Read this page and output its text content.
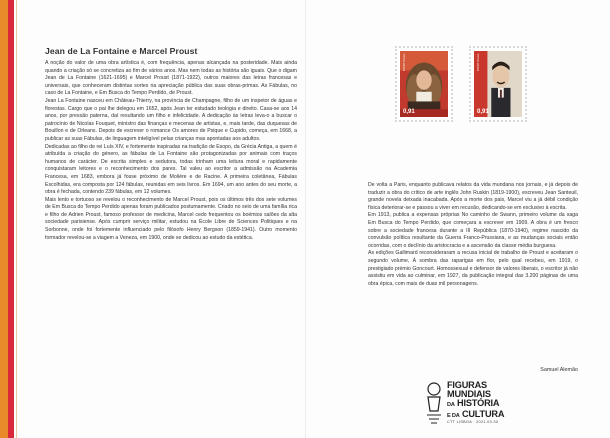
Jean de La Fontaine e Marcel Proust

A noção do valor de uma obra artística é, com frequência, apenas alcançada na posteridade. Mais ainda quando a criação só se concretiza ao fim de vários anos. Mas nem todas as história são iguais. Que o digam Jean de La Fontaine (1621-1695) e Marcel Proust (1871-1922), outros maiores das letras francesas e universais, que conheceram distintas sortes na apreciação pública das suas obras-primas. As Fábulas, no caso de La Fontaine, e Em Busca do Tempo Perdido, de Proust.

Jean La Fontaine nasceu em Château-Thierry, na província de Champagne, filho de um inspetor de águas e florestas. Cargo que o pai lhe delegou em 1652, após Jean ter estudado teologia e direito. Casa-se aos 14 anos, por pressão paterna, daí resultando um filho e infelicidade. A dedicação às letras leva-o a buscar o patrocínio de Nicolas Fouquet, ministro das finanças e mecenas de artistas, e, mais tarde, das duquesas de Bouillon e de Orleans. Depois de escrever o romance Os amores de Psique e Cupido, começa, em 1668, a publicar as suas Fábulas, de linguagem inteligível pelas crianças mas apontadas aos adultos.

Dedicadas ao filho de rei Luís XIV, e fortemente inspiradas na tradição de Esopo, da Grécia Antiga, a quem é atribuída a criação do género, as fábulas de La Fontaine são protagonizadas por animais com traços humanos de carácter. De escrita simples e sedutora, todas trinham uma leitura moral e rapidamente conquistaram leitores e o reconhecimento dos pares. Tal valeu ao escritor a admissão na Academia Francesa, em 1683, embora já fosse próximo de Molière e de Racine. A primeira coletânea, Fábulas Escolhidas, era composta por 124 fábulas, reunidas em seis livros. Em 1694, um ano antes do seu morte, a obra é fechada, contendo 239 fábulas, em 12 volumes.

Mais lento e tortuoso se revelou o reconhecimento de Marcel Proust, pois os últimos três dos sete volumes de Em Busca do Tempo Perdido apenas foram publicados postumamente. Criado no seio de uma família rica e filho de Adrien Proust, famoso professor de medicina, Marcel cedo frequentou os boémios salões da alta sociedade parisiense. Após cumprir serviço militar, estudou na École Libre de Sciences Politiques e na Sorbonne, onde foi fortemente influenciado pelo filósofo Henry Bergson (1859-1941). Outro momento formador revelou-se a viagem a Veneza, em 1900, onde se dedicou ao estudo da estética.

PORTUGAL
0,91
PORTUGAL
0,91

De volta a Paris, enquanto publicava relatos da vida mundana nos jornais, e já depois de traduzir a obra do crítico de arte inglês John Ruskin (1819-1900), escreveu Jean Santeuil, grande novela deixada inacabada. Após a morte dos pais, Marcel viu a já débil condição física deteriorar-se e passou a viver em recusão, dedicando-se em exclusivo à escrita.

Em 1913, publica a expensas próprias No caminho de Swann, primeiro volume da saga Em Busca do Tempo Perdido, que começara a escrever em 1909. A obra é um fresco sobre a sociedade francesa durante a III República (1870-1940), regime nascido da convulsão política resultante da Guerra Franco-Prussiana, e as mudanças sociais então ocorridas, com o declínio da aristocracia e a ascensão da classe média burguesa.

As edições Gallimard reconsideraram a recusa inicial de trabalho de Proust e aceitaram o segundo volume, À sombra das raparigas em flor, pelo qual recebeu, em 1919, o prestigiado prémio Goncourt. Homossexual e defensor de valores liberais, o escritor já não assistiu em vida ao culminar, em 1927, da publicação integral das 3.200 páginas de uma obra épica, com mais de duas mil personagens.

Samuel Alemão
FIGURAS
MUNDIAIS
DA HISTÓRIA
E DA CULTURA
CTT LISBOA · 2021.03.30
